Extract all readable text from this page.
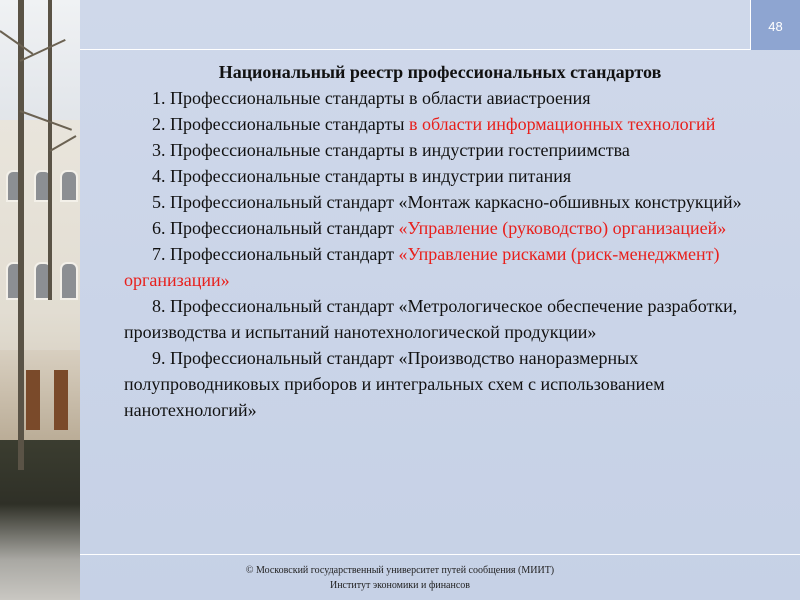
48
Национальный реестр профессиональных стандартов

1. Профессиональные стандарты в области авиастроения

2. Профессиональные стандарты в области информационных технологий

3. Профессиональные стандарты в индустрии гостеприимства

4. Профессиональные стандарты в индустрии питания

5. Профессиональный стандарт «Монтаж каркасно-обшивных конструкций»

6. Профессиональный стандарт «Управление (руководство) организацией»

7. Профессиональный стандарт «Управление рисками (риск-менеджмент) организации»

8. Профессиональный стандарт «Метрологическое обеспечение разработки, производства и испытаний нанотехнологической продукции»

9. Профессиональный стандарт «Производство наноразмерных полупроводниковых приборов и интегральных схем с использованием нанотехнологий»

© Московский государственный университет путей сообщения (МИИТ)
Институт экономики и финансов
